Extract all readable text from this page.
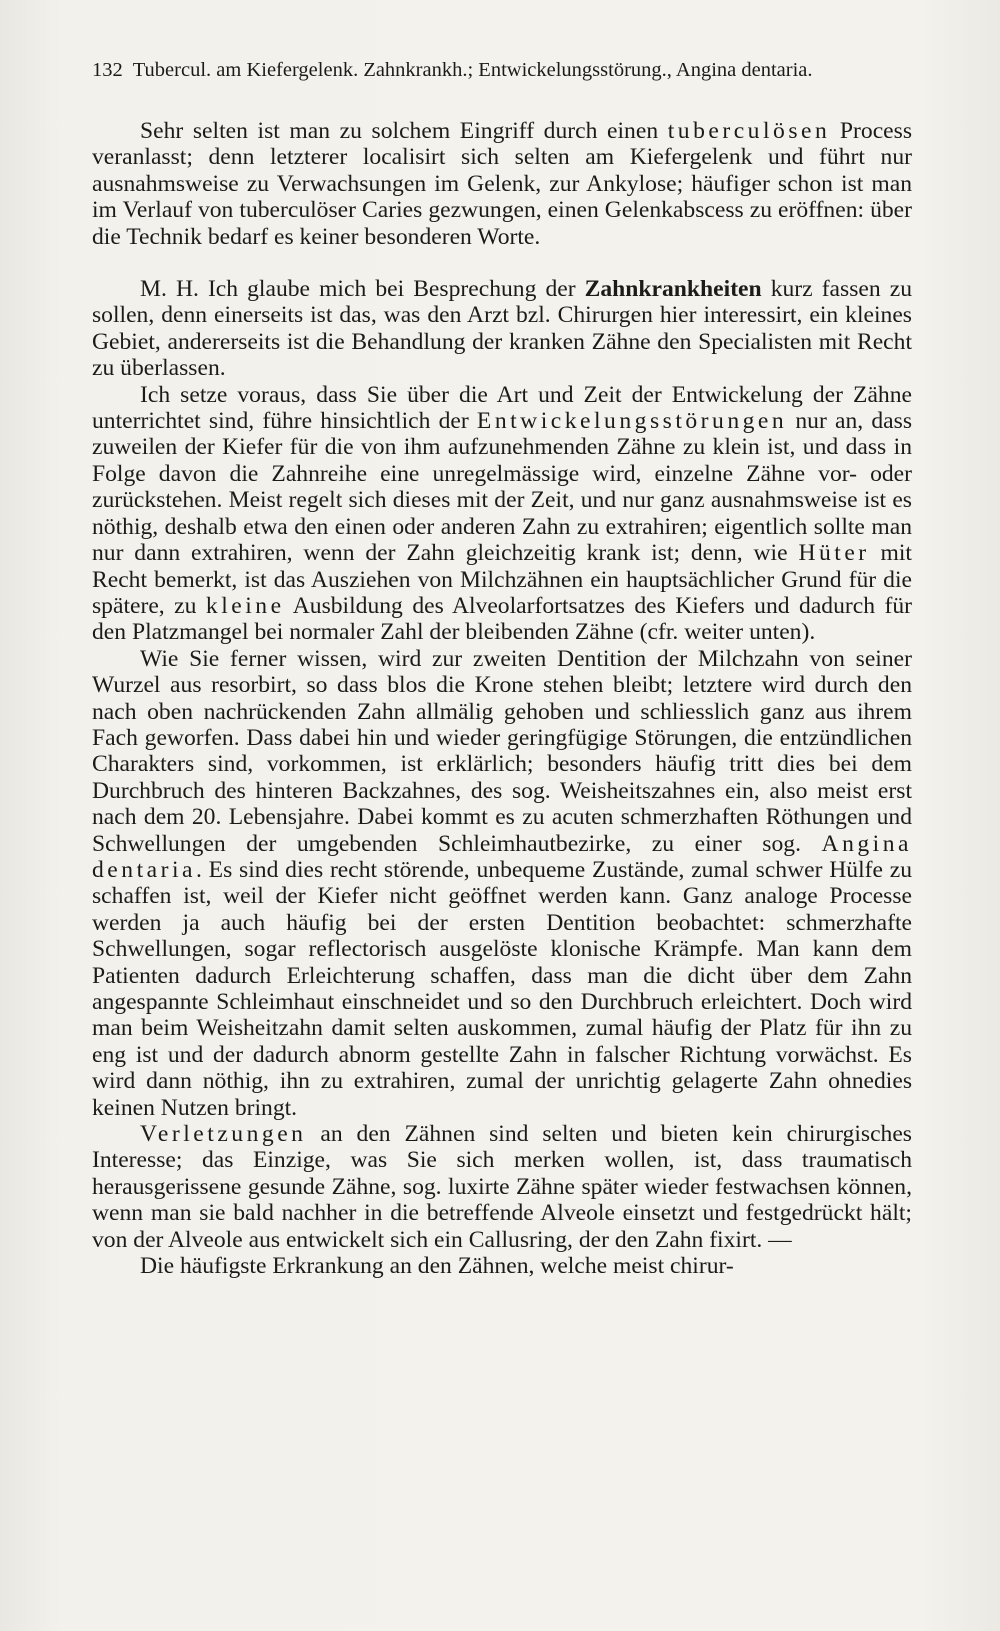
132 Tubercul. am Kiefergelenk. Zahnkrankh.; Entwickelungsstörung., Angina dentaria.

Sehr selten ist man zu solchem Eingriff durch einen tuberculösen Process veranlasst; denn letzterer localisirt sich selten am Kiefergelenk und führt nur ausnahmsweise zu Verwachsungen im Gelenk, zur Ankylose; häufiger schon ist man im Verlauf von tuberculöser Caries gezwungen, einen Gelenkabscess zu eröffnen: über die Technik bedarf es keiner besonderen Worte.

M. H. Ich glaube mich bei Besprechung der Zahnkrankheiten kurz fassen zu sollen, denn einerseits ist das, was den Arzt bzl. Chirurgen hier interessirt, ein kleines Gebiet, andererseits ist die Behandlung der kranken Zähne den Specialisten mit Recht zu überlassen.

Ich setze voraus, dass Sie über die Art und Zeit der Entwickelung der Zähne unterrichtet sind, führe hinsichtlich der Entwickelungsstörungen nur an, dass zuweilen der Kiefer für die von ihm aufzunehmenden Zähne zu klein ist, und dass in Folge davon die Zahnreihe eine unregelmässige wird, einzelne Zähne vor- oder zurückstehen. Meist regelt sich dieses mit der Zeit, und nur ganz ausnahmsweise ist es nöthig, deshalb etwa den einen oder anderen Zahn zu extrahiren; eigentlich sollte man nur dann extrahiren, wenn der Zahn gleichzeitig krank ist; denn, wie Hüter mit Recht bemerkt, ist das Ausziehen von Milchzähnen ein hauptsächlicher Grund für die spätere, zu kleine Ausbildung des Alveolarfortsatzes des Kiefers und dadurch für den Platzmangel bei normaler Zahl der bleibenden Zähne (cfr. weiter unten).

Wie Sie ferner wissen, wird zur zweiten Dentition der Milchzahn von seiner Wurzel aus resorbirt, so dass blos die Krone stehen bleibt; letztere wird durch den nach oben nachrückenden Zahn allmälig gehoben und schliesslich ganz aus ihrem Fach geworfen. Dass dabei hin und wieder geringfügige Störungen, die entzündlichen Charakters sind, vorkommen, ist erklärlich; besonders häufig tritt dies bei dem Durchbruch des hinteren Backzahnes, des sog. Weisheitszahnes ein, also meist erst nach dem 20. Lebensjahre. Dabei kommt es zu acuten schmerzhaften Röthungen und Schwellungen der umgebenden Schleimhautbezirke, zu einer sog. Angina dentaria. Es sind dies recht störende, unbequeme Zustände, zumal schwer Hülfe zu schaffen ist, weil der Kiefer nicht geöffnet werden kann. Ganz analoge Processe werden ja auch häufig bei der ersten Dentition beobachtet: schmerzhafte Schwellungen, sogar reflectorisch ausgelöste klonische Krämpfe. Man kann dem Patienten dadurch Erleichterung schaffen, dass man die dicht über dem Zahn angespannte Schleimhaut einschneidet und so den Durchbruch erleichtert. Doch wird man beim Weisheitzahn damit selten auskommen, zumal häufig der Platz für ihn zu eng ist und der dadurch abnorm gestellte Zahn in falscher Richtung vorwächst. Es wird dann nöthig, ihn zu extrahiren, zumal der unrichtig gelagerte Zahn ohnedies keinen Nutzen bringt.

Verletzungen an den Zähnen sind selten und bieten kein chirurgisches Interesse; das Einzige, was Sie sich merken wollen, ist, dass traumatisch herausgerissene gesunde Zähne, sog. luxirte Zähne später wieder festwachsen können, wenn man sie bald nachher in die betreffende Alveole einsetzt und festgedrückt hält; von der Alveole aus entwickelt sich ein Callusring, der den Zahn fixirt. —

Die häufigste Erkrankung an den Zähnen, welche meist chirur-
